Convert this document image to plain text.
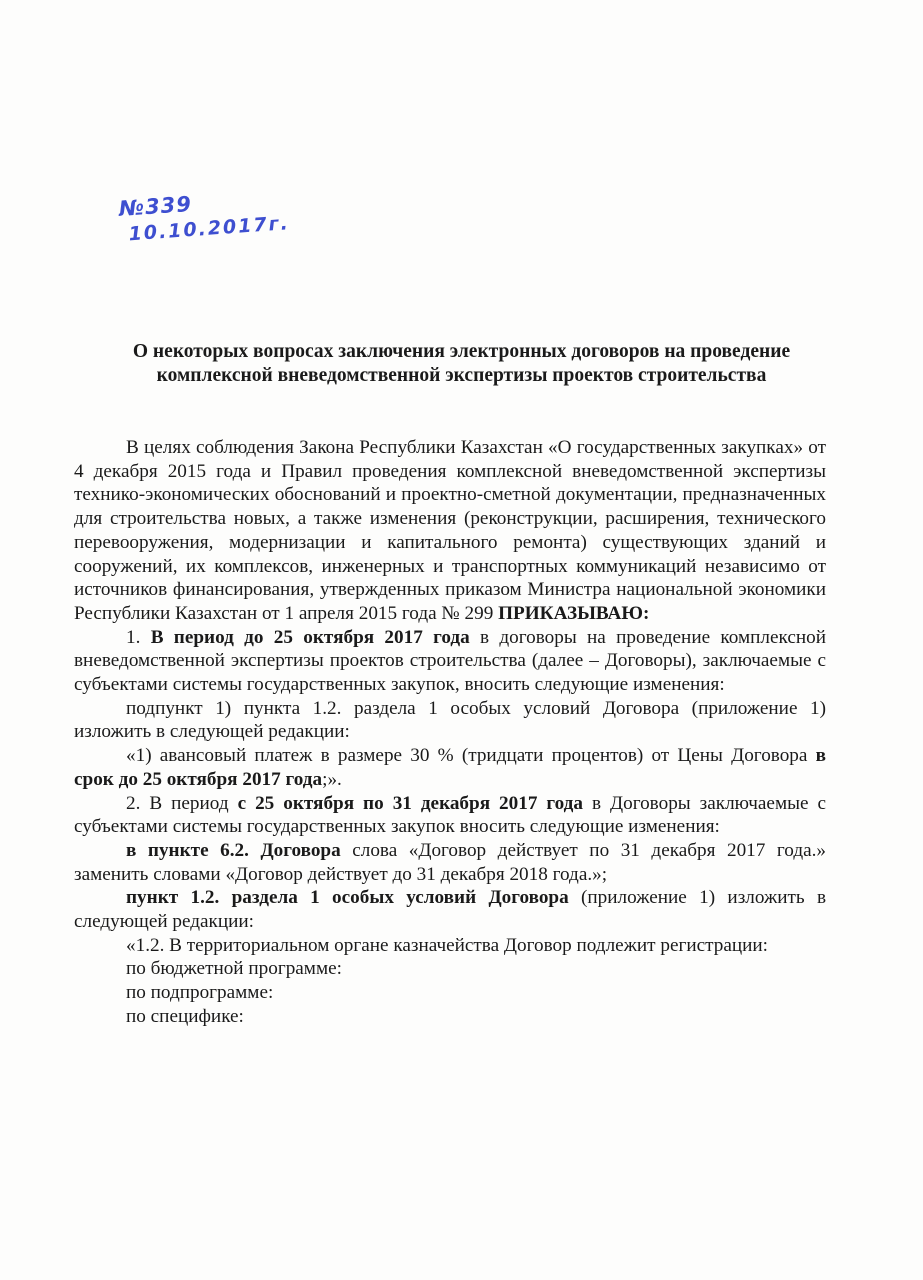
№339
10.10.2017г.
О некоторых вопросах заключения электронных договоров на проведение
комплексной вневедомственной экспертизы проектов строительства

В целях соблюдения Закона Республики Казахстан «О государственных закупках» от 4 декабря 2015 года и Правил проведения комплексной вневедомственной экспертизы технико-экономических обоснований и проектно-сметной документации, предназначенных для строительства новых, а также изменения (реконструкции, расширения, технического перевооружения, модернизации и капитального ремонта) существующих зданий и сооружений, их комплексов, инженерных и транспортных коммуникаций независимо от источников финансирования, утвержденных приказом Министра национальной экономики Республики Казахстан от 1 апреля 2015 года № 299 ПРИКАЗЫВАЮ:

1. В период до 25 октября 2017 года в договоры на проведение комплексной вневедомственной экспертизы проектов строительства (далее – Договоры), заключаемые с субъектами системы государственных закупок, вносить следующие изменения:

подпункт 1) пункта 1.2. раздела 1 особых условий Договора (приложение 1) изложить в следующей редакции:

«1) авансовый платеж в размере 30 % (тридцати процентов) от Цены Договора в срок до 25 октября 2017 года;».

2. В период с 25 октября по 31 декабря 2017 года в Договоры заключаемые с субъектами системы государственных закупок вносить следующие изменения:

в пункте 6.2. Договора слова «Договор действует по 31 декабря 2017 года.» заменить словами «Договор действует до 31 декабря 2018 года.»;

пункт 1.2. раздела 1 особых условий Договора (приложение 1) изложить в следующей редакции:

«1.2. В территориальном органе казначейства Договор подлежит регистрации:

по бюджетной программе:

по подпрограмме:

по специфике:
